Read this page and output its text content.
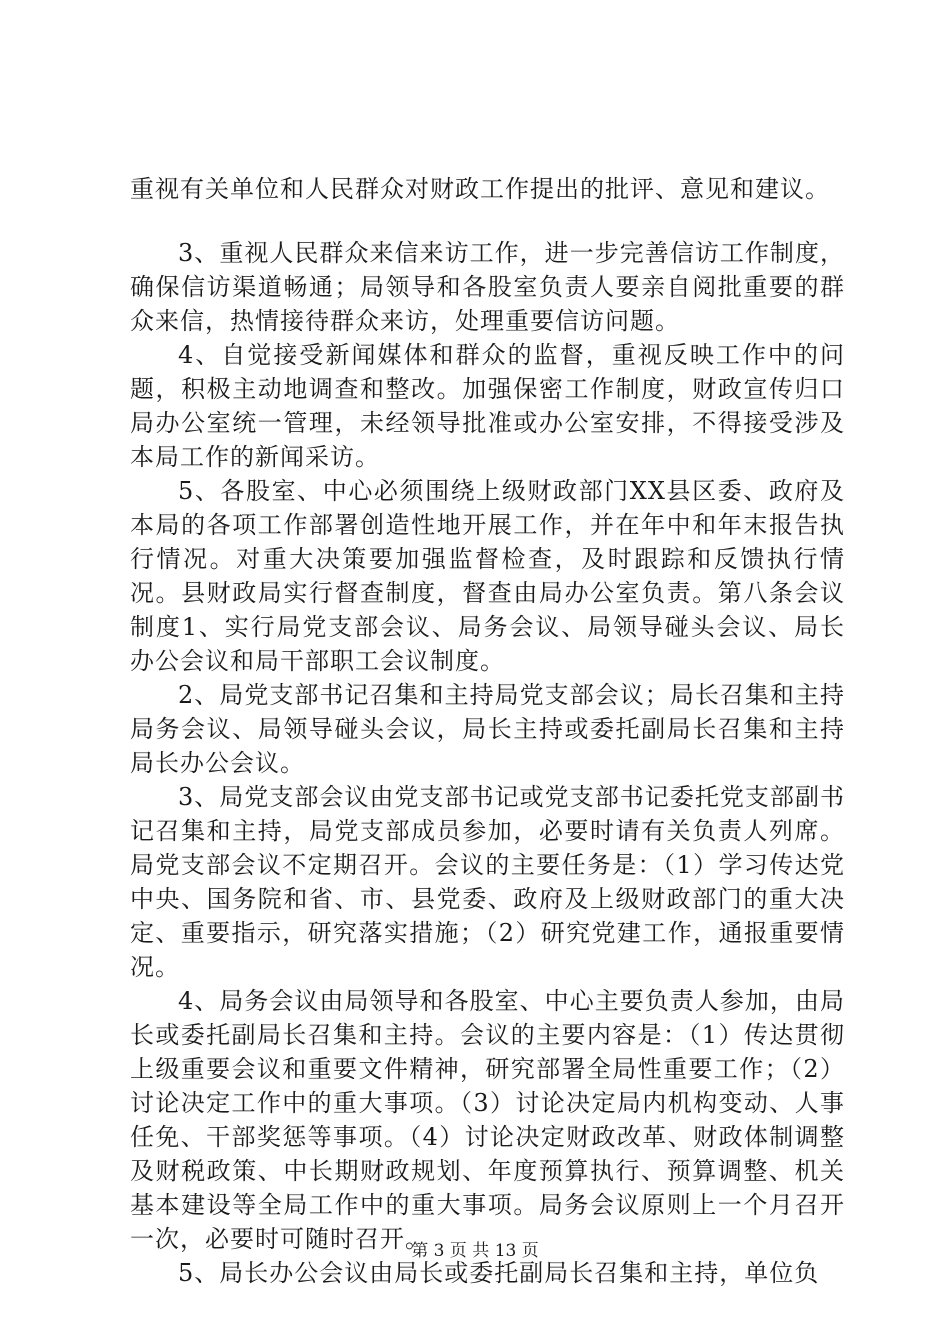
重视有关单位和人民群众对财政工作提出的批评、意见和建议。

3、重视人民群众来信来访工作，进一步完善信访工作制度，确保信访渠道畅通；局领导和各股室负责人要亲自阅批重要的群众来信，热情接待群众来访，处理重要信访问题。

4、自觉接受新闻媒体和群众的监督，重视反映工作中的问题，积极主动地调查和整改。加强保密工作制度，财政宣传归口局办公室统一管理，未经领导批准或办公室安排，不得接受涉及本局工作的新闻采访。

5、各股室、中心必须围绕上级财政部门XX县区委、政府及本局的各项工作部署创造性地开展工作，并在年中和年末报告执行情况。对重大决策要加强监督检查，及时跟踪和反馈执行情况。县财政局实行督查制度，督查由局办公室负责。第八条会议制度1、实行局党支部会议、局务会议、局领导碰头会议、局长办公会议和局干部职工会议制度。

2、局党支部书记召集和主持局党支部会议；局长召集和主持局务会议、局领导碰头会议，局长主持或委托副局长召集和主持局长办公会议。

3、局党支部会议由党支部书记或党支部书记委托党支部副书记召集和主持，局党支部成员参加，必要时请有关负责人列席。局党支部会议不定期召开。会议的主要任务是：（1）学习传达党中央、国务院和省、市、县党委、政府及上级财政部门的重大决定、重要指示，研究落实措施；（2）研究党建工作，通报重要情况。

4、局务会议由局领导和各股室、中心主要负责人参加，由局长或委托副局长召集和主持。会议的主要内容是：（1）传达贯彻上级重要会议和重要文件精神，研究部署全局性重要工作；（2）讨论决定工作中的重大事项。（3）讨论决定局内机构变动、人事任免、干部奖惩等事项。（4）讨论决定财政改革、财政体制调整及财税政策、中长期财政规划、年度预算执行、预算调整、机关基本建设等全局工作中的重大事项。局务会议原则上一个月召开一次，必要时可随时召开。

5、局长办公会议由局长或委托副局长召集和主持，单位负

第 3 页 共 13 页
